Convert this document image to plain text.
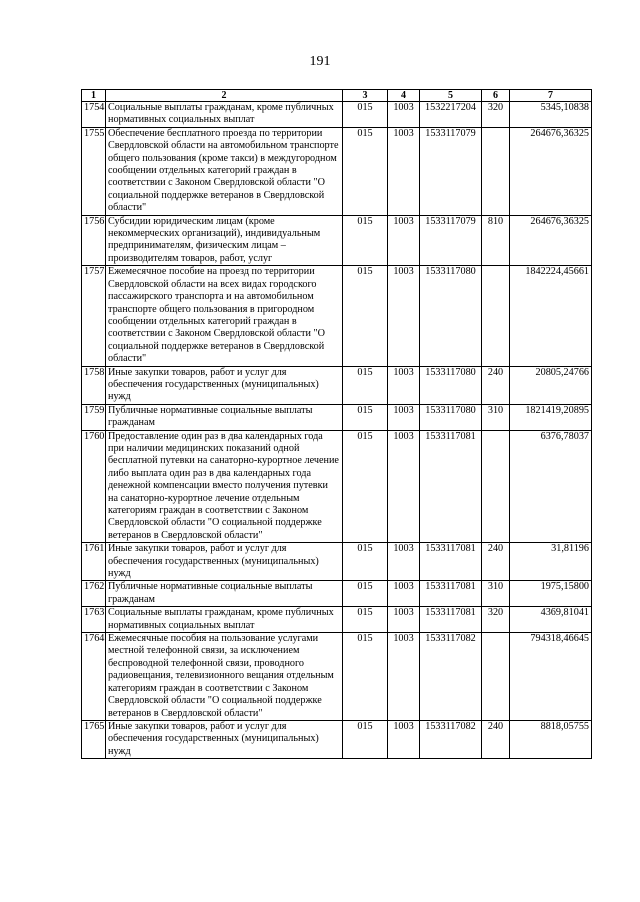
191
1	2	3	4	5	6	7
1754	Социальные выплаты гражданам, кроме публичных нормативных социальных выплат	015	1003	1532217204	320	5345,10838
1755	Обеспечение бесплатного проезда по территории Свердловской области на автомобильном транспорте общего пользования (кроме такси) в междугородном сообщении отдельных категорий граждан в соответствии с Законом Свердловской области "О социальной поддержке ветеранов в Свердловской области"	015	1003	1533117079		264676,36325
1756	Субсидии юридическим лицам (кроме некоммерческих организаций), индивидуальным предпринимателям, физическим лицам – производителям товаров, работ, услуг	015	1003	1533117079	810	264676,36325
1757	Ежемесячное пособие на проезд по территории Свердловской области на всех видах городского пассажирского транспорта и на автомобильном транспорте общего пользования в пригородном сообщении отдельных категорий граждан в соответствии с Законом Свердловской области "О социальной поддержке ветеранов в Свердловской области"	015	1003	1533117080		1842224,45661
1758	Иные закупки товаров, работ и услуг для обеспечения государственных (муниципальных) нужд	015	1003	1533117080	240	20805,24766
1759	Публичные нормативные социальные выплаты гражданам	015	1003	1533117080	310	1821419,20895
1760	Предоставление один раз в два календарных года при наличии медицинских показаний одной бесплатной путевки на санаторно-курортное лечение либо выплата один раз в два календарных года денежной компенсации вместо получения путевки на санаторно-курортное лечение отдельным категориям граждан в соответствии с Законом Свердловской области "О социальной поддержке ветеранов в Свердловской области"	015	1003	1533117081		6376,78037
1761	Иные закупки товаров, работ и услуг для обеспечения государственных (муниципальных) нужд	015	1003	1533117081	240	31,81196
1762	Публичные нормативные социальные выплаты гражданам	015	1003	1533117081	310	1975,15800
1763	Социальные выплаты гражданам, кроме публичных нормативных социальных выплат	015	1003	1533117081	320	4369,81041
1764	Ежемесячные пособия на пользование услугами местной телефонной связи, за исключением беспроводной телефонной связи, проводного радиовещания, телевизионного вещания отдельным категориям граждан в соответствии с Законом Свердловской области "О социальной поддержке ветеранов в Свердловской области"	015	1003	1533117082		794318,46645
1765	Иные закупки товаров, работ и услуг для обеспечения государственных (муниципальных) нужд	015	1003	1533117082	240	8818,05755
